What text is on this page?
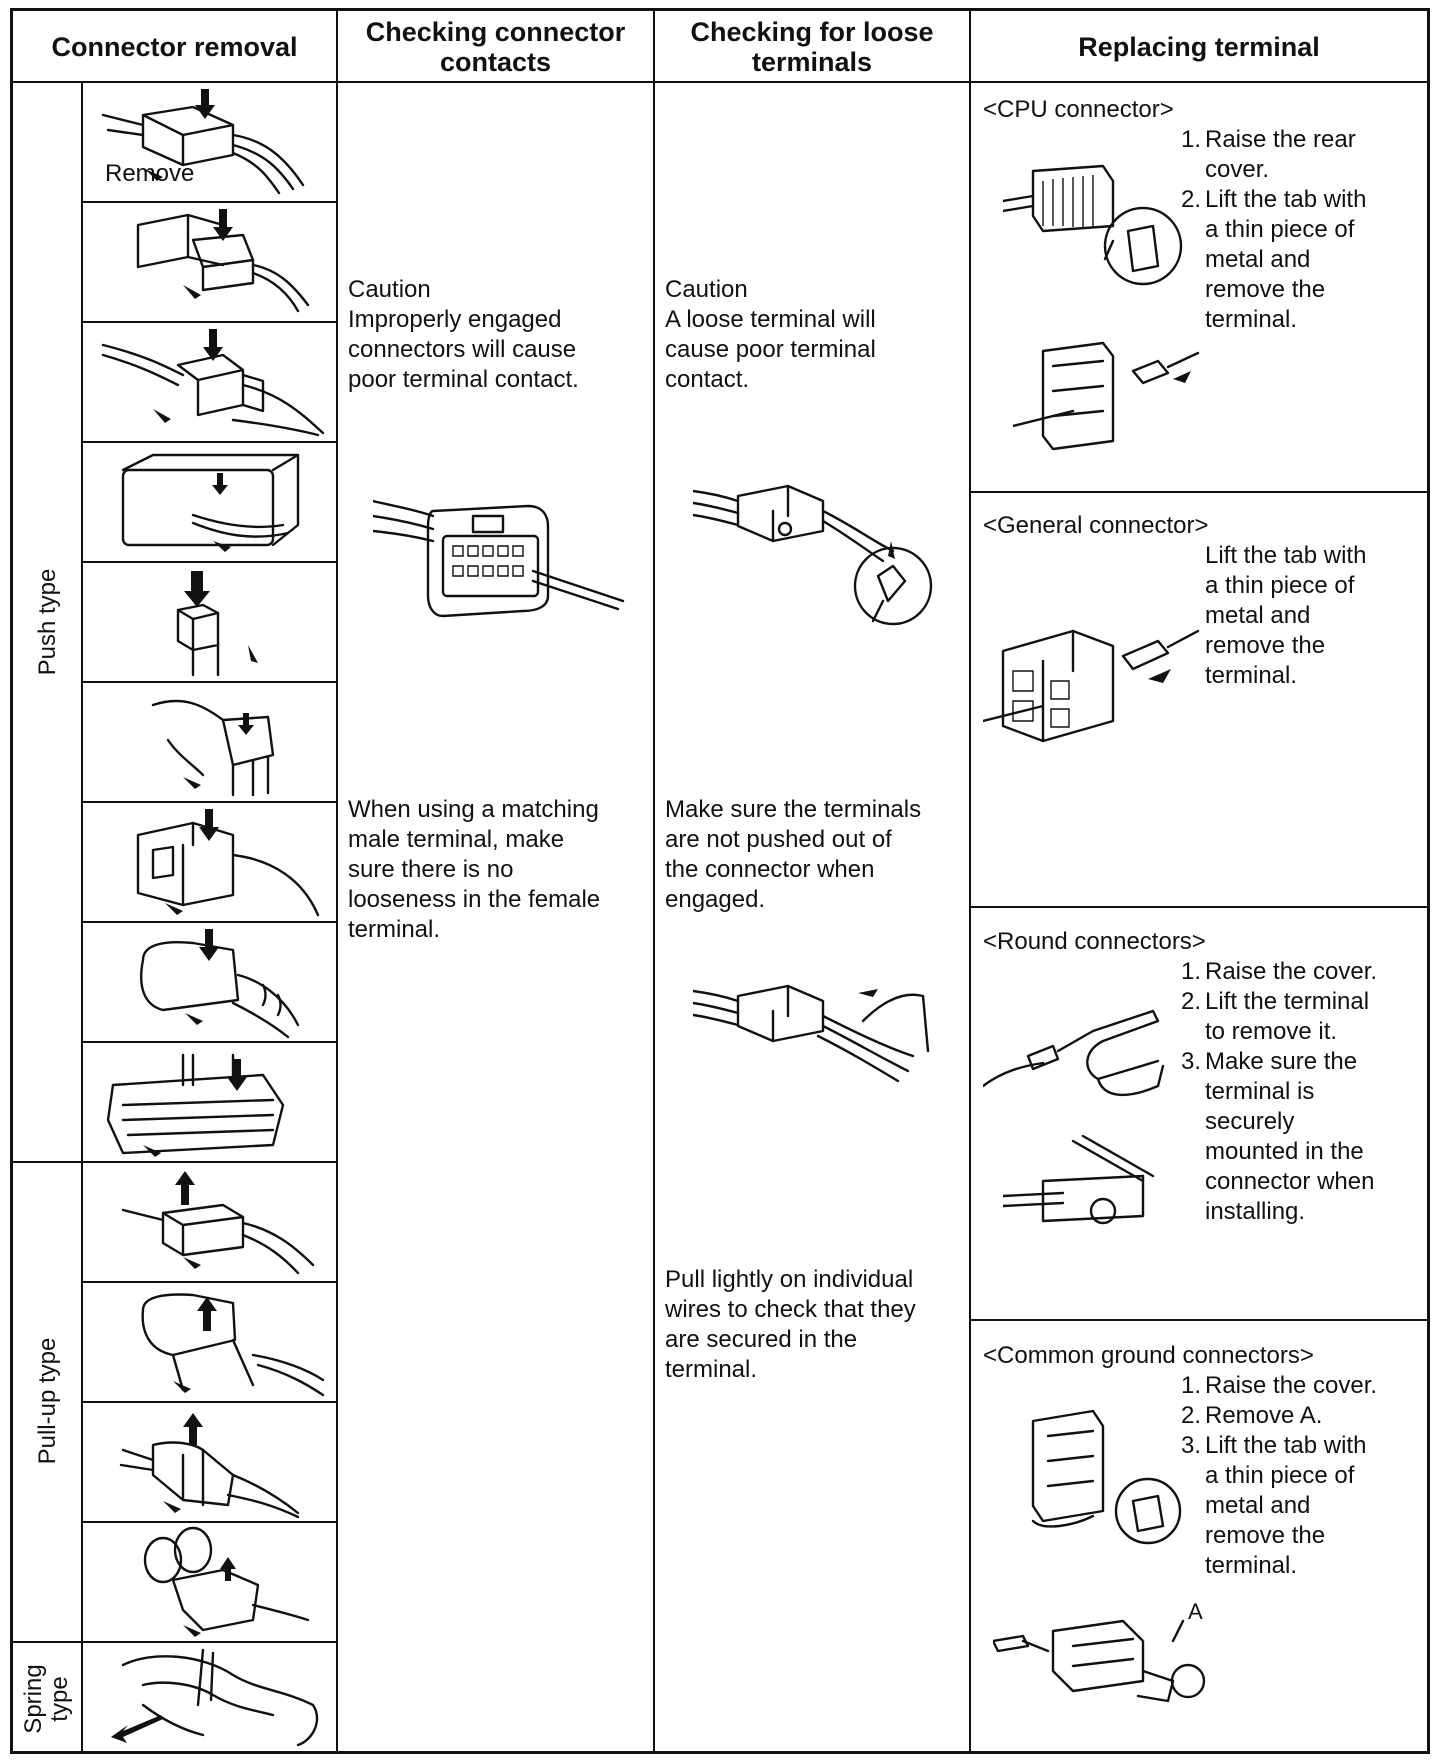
Connector removal	Checking connector
contacts
Checking for loose
terminals	Replacing terminal
Push type
Pull-up type
Spring
type
Remove
Caution
Improperly engaged
connectors will cause
poor terminal contact.
When using a matching
male terminal, make
sure there is no
looseness in the female
terminal.
Caution
A loose terminal will
cause poor terminal
contact.
Make sure the terminals
are not pushed out of
the connector when
engaged.
Pull lightly on individual
wires to check that they
are secured in the
terminal.
<CPU connector>
1. Raise the rear
cover.
2. Lift the tab with
a thin piece of
metal and
remove the
terminal.
<General connector>
Lift the tab with
a thin piece of
metal and
remove the
terminal.
<Round connectors>
1. Raise the cover.
2. Lift the terminal
to remove it.
3. Make sure the
terminal is
securely
mounted in the
connector when
installing.
<Common ground connectors>
1. Raise the cover.
2. Remove A.
3. Lift the tab with
a thin piece of
metal and
remove the
terminal.
A
